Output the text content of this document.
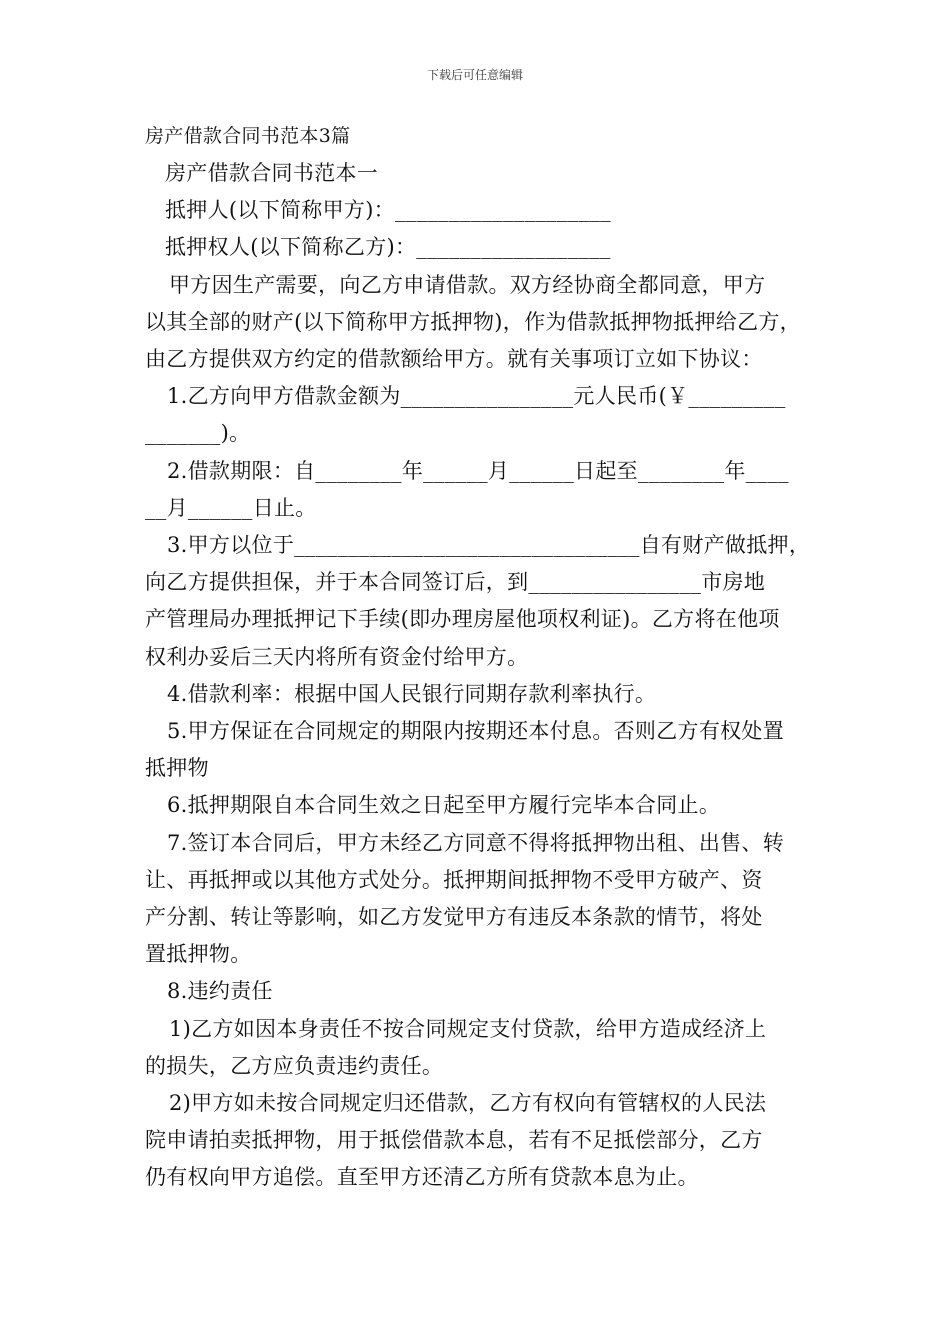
下载后可任意编辑
房产借款合同书范本3篇
房产借款合同书范本一
抵押人(以下简称甲方)：____________________
抵押权人(以下简称乙方)：__________________
甲方因生产需要，向乙方申请借款。双方经协商全都同意，甲方
以其全部的财产(以下简称甲方抵押物)，作为借款抵押物抵押给乙方，
由乙方提供双方约定的借款额给甲方。就有关事项订立如下协议：
1.乙方向甲方借款金额为________________元人民币(￥_________
_______)。
2.借款期限：自________年______月______日起至________年____
__月______日止。
3.甲方以位于________________________________自有财产做抵押，
向乙方提供担保，并于本合同签订后，到________________市房地
产管理局办理抵押记下手续(即办理房屋他项权利证)。乙方将在他项
权利办妥后三天内将所有资金付给甲方。
4.借款利率：根据中国人民银行同期存款利率执行。
5.甲方保证在合同规定的期限内按期还本付息。否则乙方有权处置
抵押物
6.抵押期限自本合同生效之日起至甲方履行完毕本合同止。
7.签订本合同后，甲方未经乙方同意不得将抵押物出租、出售、转
让、再抵押或以其他方式处分。抵押期间抵押物不受甲方破产、资
产分割、转让等影响，如乙方发觉甲方有违反本条款的情节，将处
置抵押物。
8.违约责任
1)乙方如因本身责任不按合同规定支付贷款，给甲方造成经济上
的损失，乙方应负责违约责任。
2)甲方如未按合同规定归还借款，乙方有权向有管辖权的人民法
院申请拍卖抵押物，用于抵偿借款本息，若有不足抵偿部分，乙方
仍有权向甲方追偿。直至甲方还清乙方所有贷款本息为止。
